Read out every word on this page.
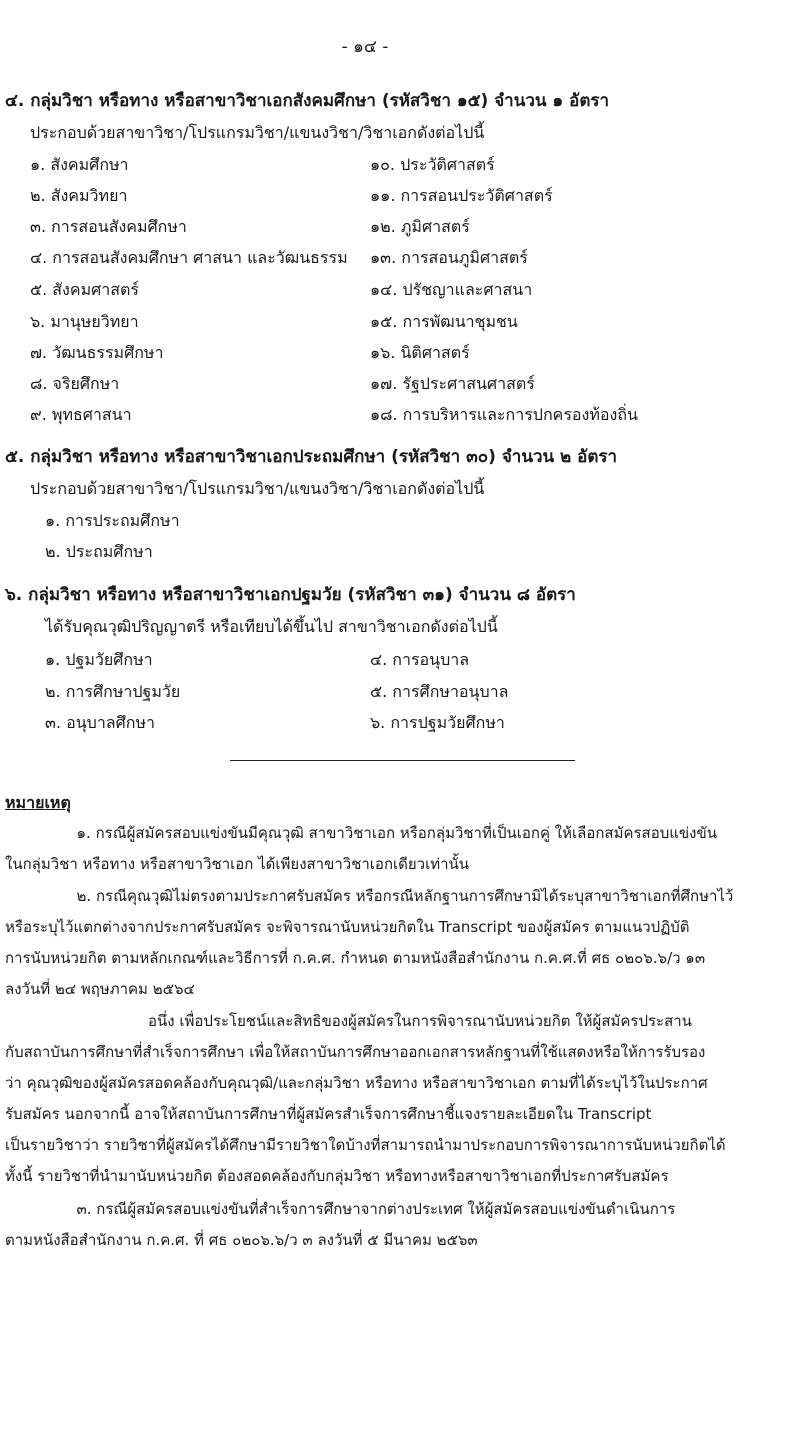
- ๑๔ -
๔. กลุ่มวิชา หรือทาง หรือสาขาวิชาเอกสังคมศึกษา (รหัสวิชา ๑๕) จำนวน ๑ อัตรา
ประกอบด้วยสาขาวิชา/โปรแกรมวิชา/แขนงวิชา/วิชาเอกดังต่อไปนี้
๑. สังคมศึกษา
๒. สังคมวิทยา
๓. การสอนสังคมศึกษา
๔. การสอนสังคมศึกษา ศาสนา และวัฒนธรรม
๕. สังคมศาสตร์
๖. มานุษยวิทยา
๗. วัฒนธรรมศึกษา
๘. จริยศึกษา
๙. พุทธศาสนา
๑๐. ประวัติศาสตร์
๑๑. การสอนประวัติศาสตร์
๑๒. ภูมิศาสตร์
๑๓. การสอนภูมิศาสตร์
๑๔. ปรัชญาและศาสนา
๑๕. การพัฒนาชุมชน
๑๖. นิติศาสตร์
๑๗. รัฐประศาสนศาสตร์
๑๘. การบริหารและการปกครองท้องถิ่น
๕. กลุ่มวิชา หรือทาง หรือสาขาวิชาเอกประถมศึกษา (รหัสวิชา ๓๐) จำนวน ๒ อัตรา
ประกอบด้วยสาขาวิชา/โปรแกรมวิชา/แขนงวิชา/วิชาเอกดังต่อไปนี้
๑. การประถมศึกษา
๒. ประถมศึกษา
๖. กลุ่มวิชา หรือทาง หรือสาขาวิชาเอกปฐมวัย (รหัสวิชา ๓๑) จำนวน ๘ อัตรา
ได้รับคุณวุฒิปริญญาตรี หรือเทียบได้ขึ้นไป สาขาวิชาเอกดังต่อไปนี้
๑. ปฐมวัยศึกษา
๒. การศึกษาปฐมวัย
๓. อนุบาลศึกษา
๔. การอนุบาล
๕. การศึกษาอนุบาล
๖. การปฐมวัยศึกษา
หมายเหตุ
๑. กรณีผู้สมัครสอบแข่งขันมีคุณวุฒิ สาขาวิชาเอก หรือกลุ่มวิชาที่เป็นเอกคู่ ให้เลือกสมัครสอบแข่งขัน
ในกลุ่มวิชา หรือทาง หรือสาขาวิชาเอก ได้เพียงสาขาวิชาเอกเดียวเท่านั้น
๒. กรณีคุณวุฒิไม่ตรงตามประกาศรับสมัคร หรือกรณีหลักฐานการศึกษามิได้ระบุสาขาวิชาเอกที่ศึกษาไว้
หรือระบุไว้แตกต่างจากประกาศรับสมัคร จะพิจารณานับหน่วยกิตใน Transcript ของผู้สมัคร ตามแนวปฏิบัติ
การนับหน่วยกิต ตามหลักเกณฑ์และวิธีการที่ ก.ค.ศ. กำหนด ตามหนังสือสำนักงาน ก.ค.ศ.ที่ ศธ ๐๒๐๖.๖/ว ๑๓
ลงวันที่ ๒๔ พฤษภาคม ๒๕๖๔
อนึ่ง เพื่อประโยชน์และสิทธิของผู้สมัครในการพิจารณานับหน่วยกิต ให้ผู้สมัครประสาน
กับสถาบันการศึกษาที่สำเร็จการศึกษา เพื่อให้สถาบันการศึกษาออกเอกสารหลักฐานที่ใช้แสดงหรือให้การรับรอง
ว่า คุณวุฒิของผู้สมัครสอดคล้องกับคุณวุฒิ/และกลุ่มวิชา หรือทาง หรือสาขาวิชาเอก ตามที่ได้ระบุไว้ในประกาศ
รับสมัคร นอกจากนี้ อาจให้สถาบันการศึกษาที่ผู้สมัครสำเร็จการศึกษาชี้แจงรายละเอียดใน Transcript
เป็นรายวิชาว่า รายวิชาที่ผู้สมัครได้ศึกษามีรายวิชาใดบ้างที่สามารถนำมาประกอบการพิจารณาการนับหน่วยกิตได้
ทั้งนี้ รายวิชาที่นำมานับหน่วยกิต ต้องสอดคล้องกับกลุ่มวิชา หรือทางหรือสาขาวิชาเอกที่ประกาศรับสมัคร
๓. กรณีผู้สมัครสอบแข่งขันที่สำเร็จการศึกษาจากต่างประเทศ ให้ผู้สมัครสอบแข่งขันดำเนินการ
ตามหนังสือสำนักงาน ก.ค.ศ. ที่ ศธ ๐๒๐๖.๖/ว ๓ ลงวันที่ ๕ มีนาคม ๒๕๖๓
